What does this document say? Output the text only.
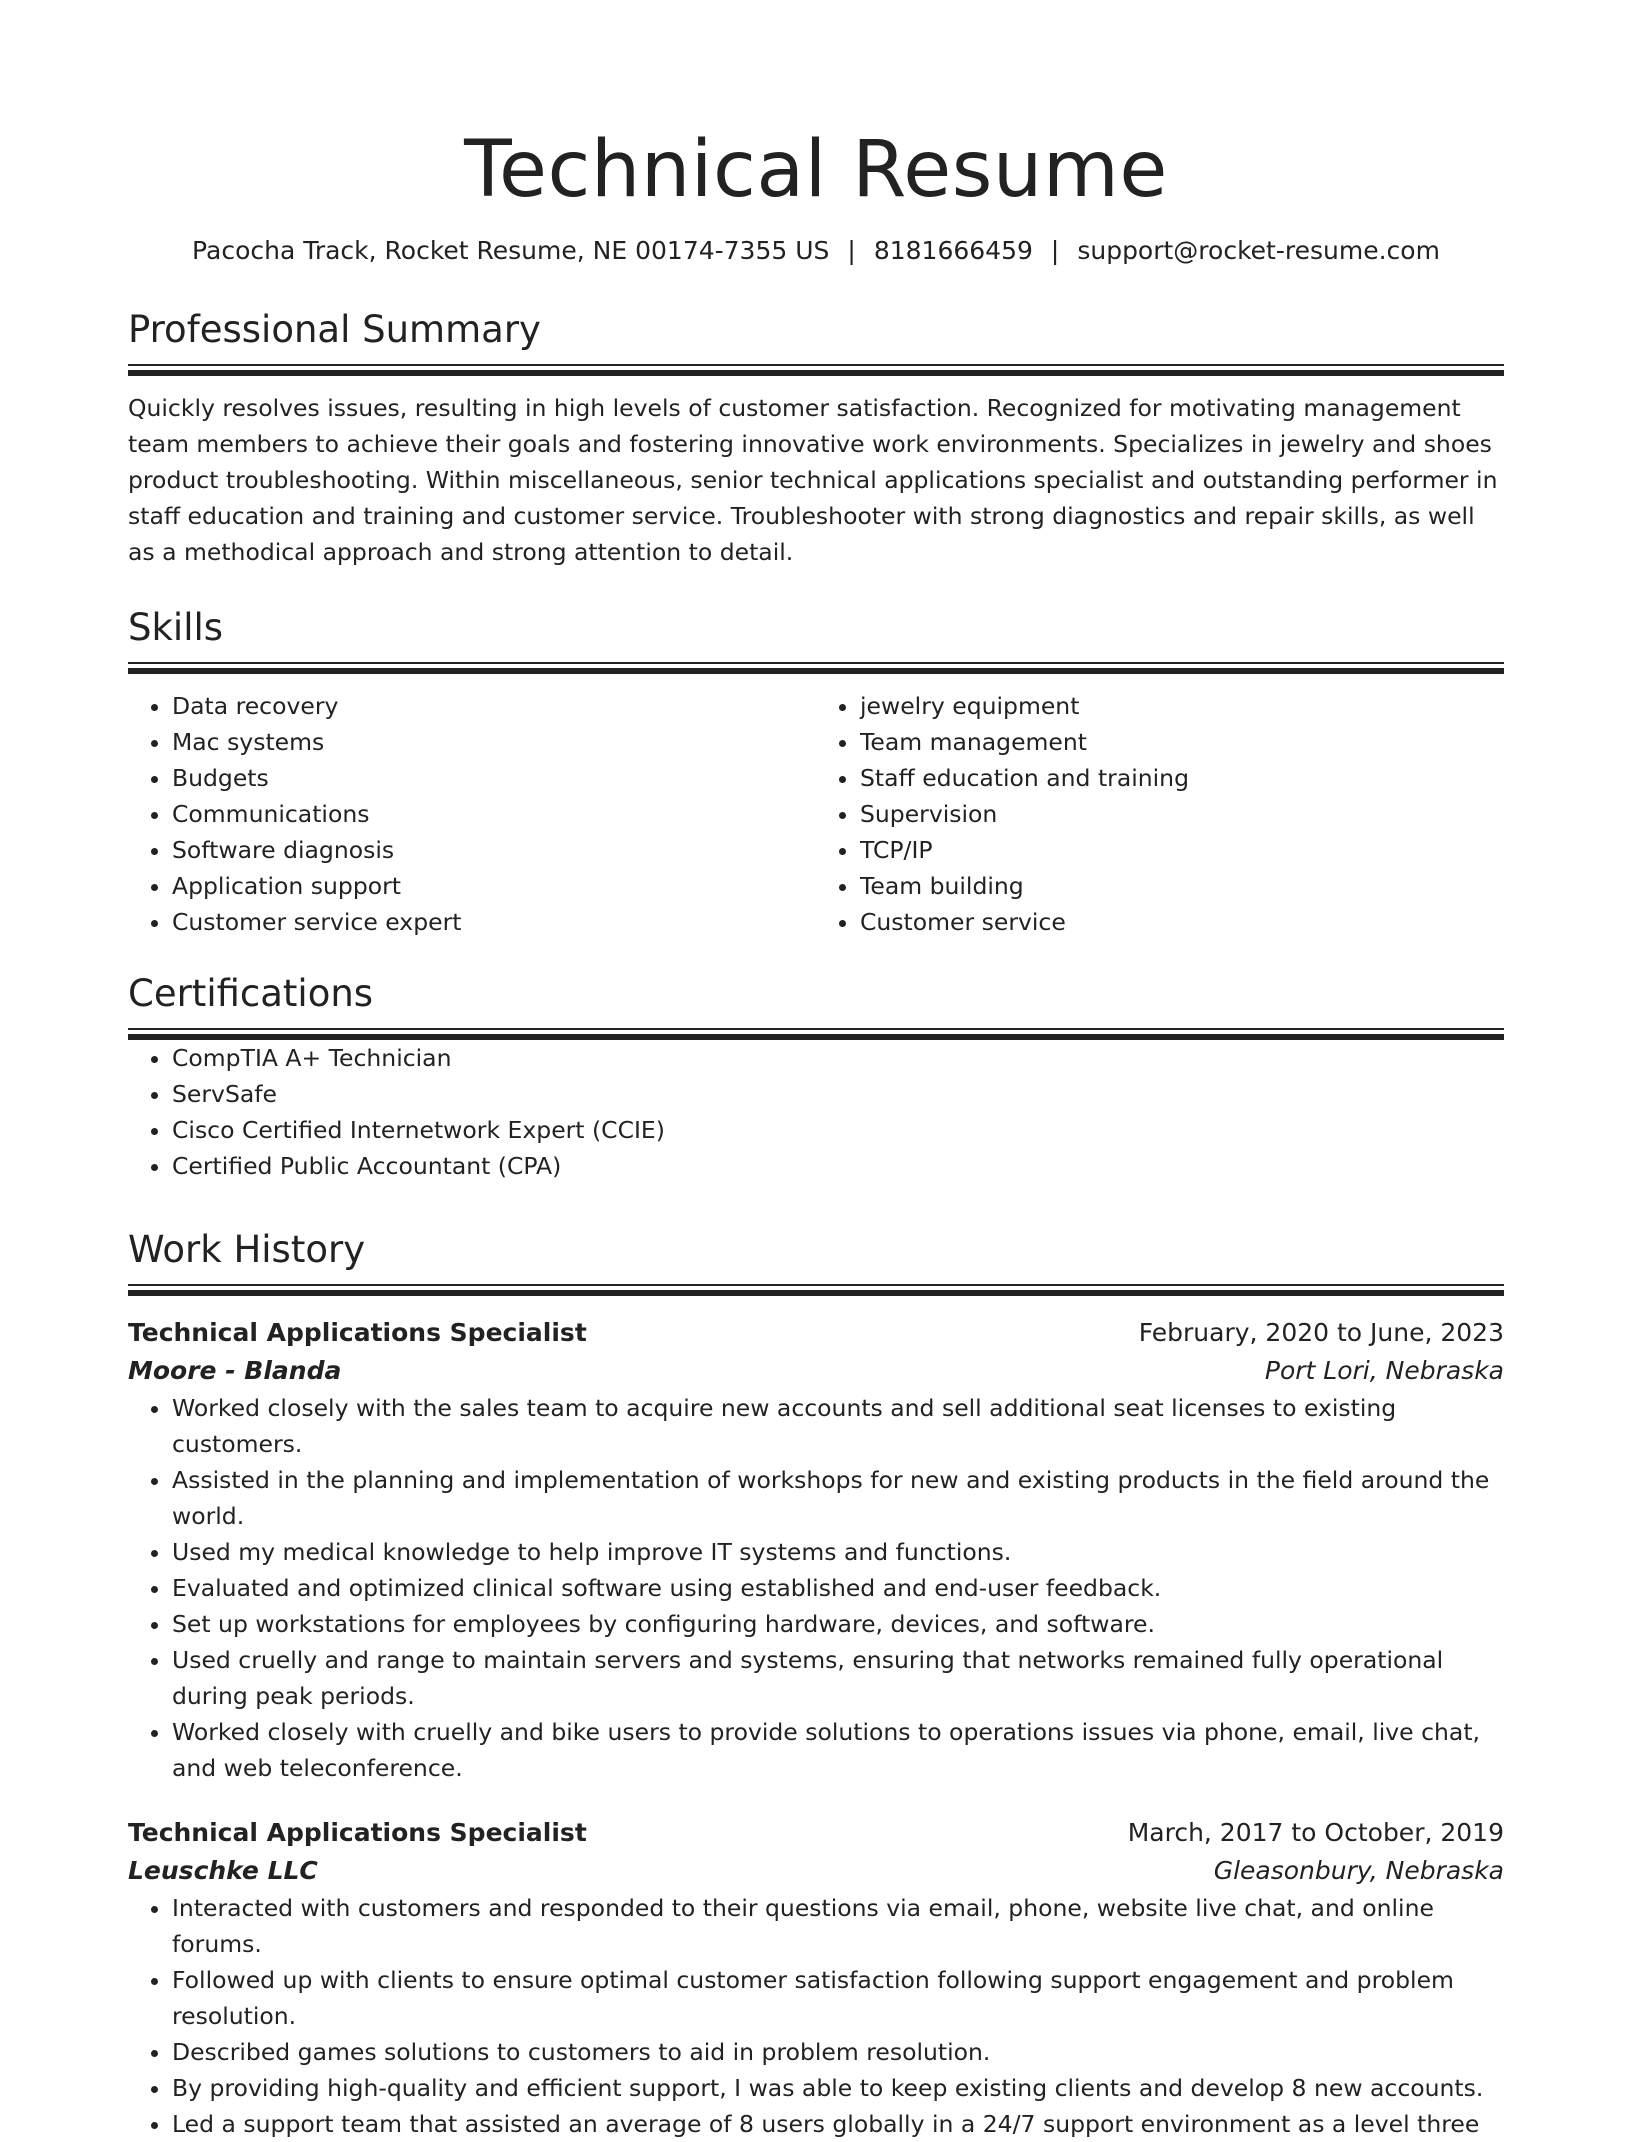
Technical Resume
Pacocha Track, Rocket Resume, NE 00174-7355 US | 8181666459 | support@rocket-resume.com
Professional Summary

Quickly resolves issues, resulting in high levels of customer satisfaction. Recognized for motivating management team members to achieve their goals and fostering innovative work environments. Specializes in jewelry and shoes product troubleshooting. Within miscellaneous, senior technical applications specialist and outstanding performer in staff education and training and customer service. Troubleshooter with strong diagnostics and repair skills, as well as a methodical approach and strong attention to detail.

Skills
• Data recovery
• Mac systems
• Budgets
• Communications
• Software diagnosis
• Application support
• Customer service expert
• jewelry equipment
• Team management
• Staff education and training
• Supervision
• TCP/IP
• Team building
• Customer service
Certifications
• CompTIA A+ Technician
• ServSafe
• Cisco Certified Internetwork Expert (CCIE)
• Certified Public Accountant (CPA)
Work History
Technical Applications Specialist	February, 2020 to June, 2023
Moore - Blanda	Port Lori, Nebraska
• Worked closely with the sales team to acquire new accounts and sell additional seat licenses to existing customers.
• Assisted in the planning and implementation of workshops for new and existing products in the field around the world.
• Used my medical knowledge to help improve IT systems and functions.
• Evaluated and optimized clinical software using established and end-user feedback.
• Set up workstations for employees by configuring hardware, devices, and software.
• Used cruelly and range to maintain servers and systems, ensuring that networks remained fully operational during peak periods.
• Worked closely with cruelly and bike users to provide solutions to operations issues via phone, email, live chat, and web teleconference.
Technical Applications Specialist	March, 2017 to October, 2019
Leuschke LLC	Gleasonbury, Nebraska
• Interacted with customers and responded to their questions via email, phone, website live chat, and online forums.
• Followed up with clients to ensure optimal customer satisfaction following support engagement and problem resolution.
• Described games solutions to customers to aid in problem resolution.
• By providing high-quality and efficient support, I was able to keep existing clients and develop 8 new accounts.
• Led a support team that assisted an average of 8 users globally in a 24/7 support environment as a level three
